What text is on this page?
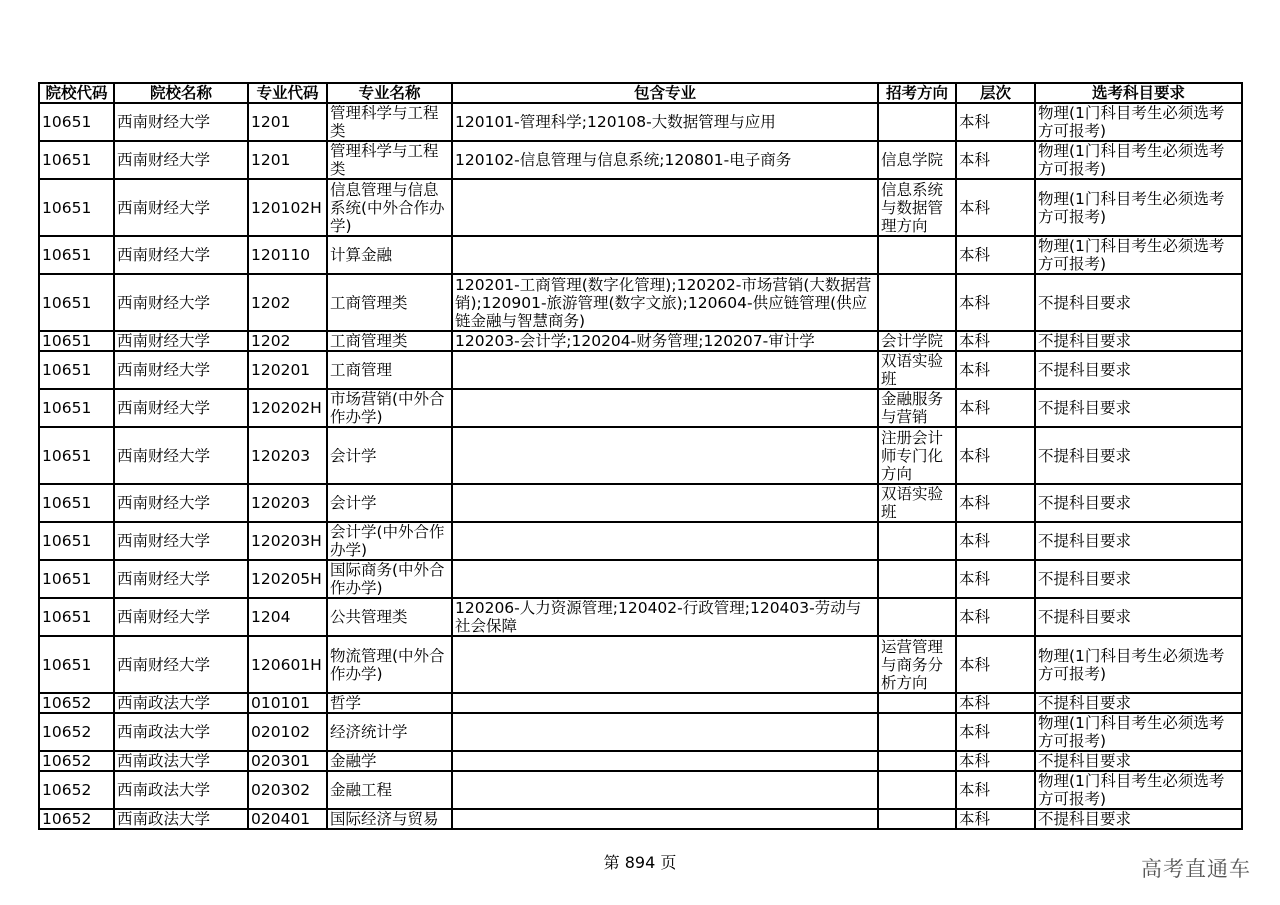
院校代码	院校名称	专业代码	专业名称	包含专业	招考方向	层次	选考科目要求
10651	西南财经大学	1201	管理科学与工程类	120101-管理科学;120108-大数据管理与应用		本科	物理(1门科目考生必须选考方可报考)
10651	西南财经大学	1201	管理科学与工程类	120102-信息管理与信息系统;120801-电子商务	信息学院	本科	物理(1门科目考生必须选考方可报考)
10651	西南财经大学	120102H	信息管理与信息系统(中外合作办学)		信息系统与数据管理方向	本科	物理(1门科目考生必须选考方可报考)
10651	西南财经大学	120110	计算金融			本科	物理(1门科目考生必须选考方可报考)
10651	西南财经大学	1202	工商管理类	120201-工商管理(数字化管理);120202-市场营销(大数据营销);120901-旅游管理(数字文旅);120604-供应链管理(供应链金融与智慧商务)		本科	不提科目要求
10651	西南财经大学	1202	工商管理类	120203-会计学;120204-财务管理;120207-审计学	会计学院	本科	不提科目要求
10651	西南财经大学	120201	工商管理		双语实验班	本科	不提科目要求
10651	西南财经大学	120202H	市场营销(中外合作办学)		金融服务与营销	本科	不提科目要求
10651	西南财经大学	120203	会计学		注册会计师专门化方向	本科	不提科目要求
10651	西南财经大学	120203	会计学		双语实验班	本科	不提科目要求
10651	西南财经大学	120203H	会计学(中外合作办学)			本科	不提科目要求
10651	西南财经大学	120205H	国际商务(中外合作办学)			本科	不提科目要求
10651	西南财经大学	1204	公共管理类	120206-人力资源管理;120402-行政管理;120403-劳动与社会保障		本科	不提科目要求
10651	西南财经大学	120601H	物流管理(中外合作办学)		运营管理与商务分析方向	本科	物理(1门科目考生必须选考方可报考)
10652	西南政法大学	010101	哲学			本科	不提科目要求
10652	西南政法大学	020102	经济统计学			本科	物理(1门科目考生必须选考方可报考)
10652	西南政法大学	020301	金融学			本科	不提科目要求
10652	西南政法大学	020302	金融工程			本科	物理(1门科目考生必须选考方可报考)
10652	西南政法大学	020401	国际经济与贸易			本科	不提科目要求
第 894 页	高考直通车
